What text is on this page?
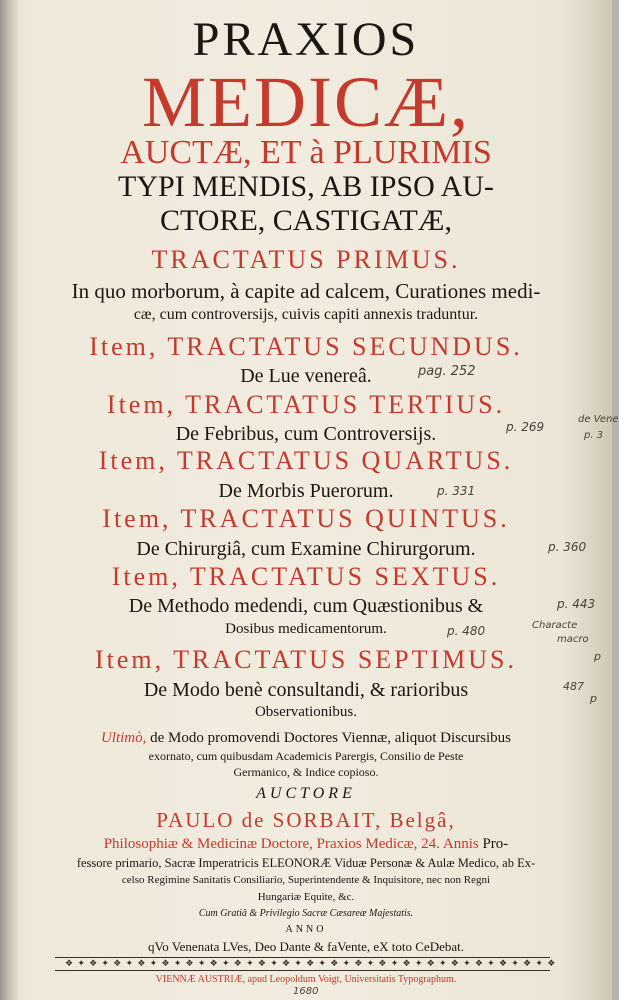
PRAXIOS
MEDICÆ,
AUCTÆ, ET à PLURIMIS
TYPI MENDIS, AB IPSO AU-
CTORE, CASTIGATÆ,
TRACTATUS PRIMUS.
In quo morborum, à capite ad calcem, Curationes medi-
cæ, cum controversijs, cuivis capiti annexis traduntur.
Item, TRACTATUS SECUNDUS.
De Lue venereâ.
Item, TRACTATUS TERTIUS.
De Febribus, cum Controversijs.
Item, TRACTATUS QUARTUS.
De Morbis Puerorum.
Item, TRACTATUS QUINTUS.
De Chirurgiâ, cum Examine Chirurgorum.
Item, TRACTATUS SEXTUS.
De Methodo medendi, cum Quæstionibus &
Dosibus medicamentorum.
Item, TRACTATUS SEPTIMUS.
De Modo benè consultandi, & rarioribus
Observationibus.
Ultimò, de Modo promovendi Doctores Viennæ, aliquot Discursibus
exornato, cum quibusdam Academicis Parergis, Consilio de Peste
Germanico, & Indice copioso.
AUCTORE
PAULO de SORBAIT, Belgâ,
Philosophiæ & Medicinæ Doctore, Praxios Medicæ, 24. Annis Pro-
fessore primario, Sacræ Imperatricis ELEONORÆ Viduæ Personæ & Aulæ Medico, ab Ex-
celso Regimine Sanitatis Consiliario, Superintendente & Inquisitore, nec non Regni
Hungariæ Equite, &c.
Cum Gratiâ & Privilegio Sacræ Cæsareæ Majestatis.
ANNO
qVo Venenata LVes, Deo Dante & faVente, eX toto CeDebat.
❖ ✦ ❖ ✦ ❖ ✦ ❖ ✦ ❖ ✦ ❖ ✦ ❖ ✦ ❖ ✦ ❖ ✦ ❖ ✦ ❖ ✦ ❖ ✦ ❖ ✦ ❖ ✦ ❖ ✦ ❖ ✦ ❖ ✦ ❖ ✦ ❖ ✦ ❖ ✦ ❖
VIENNÆ AUSTRIÆ, apud Leopoldum Voigt, Universitatis Typographum.
pag. 252
p. 269
de Vene
p. 3
p. 331
p. 360
p. 443
p. 480	Characte
macro
p
487
p
1680
